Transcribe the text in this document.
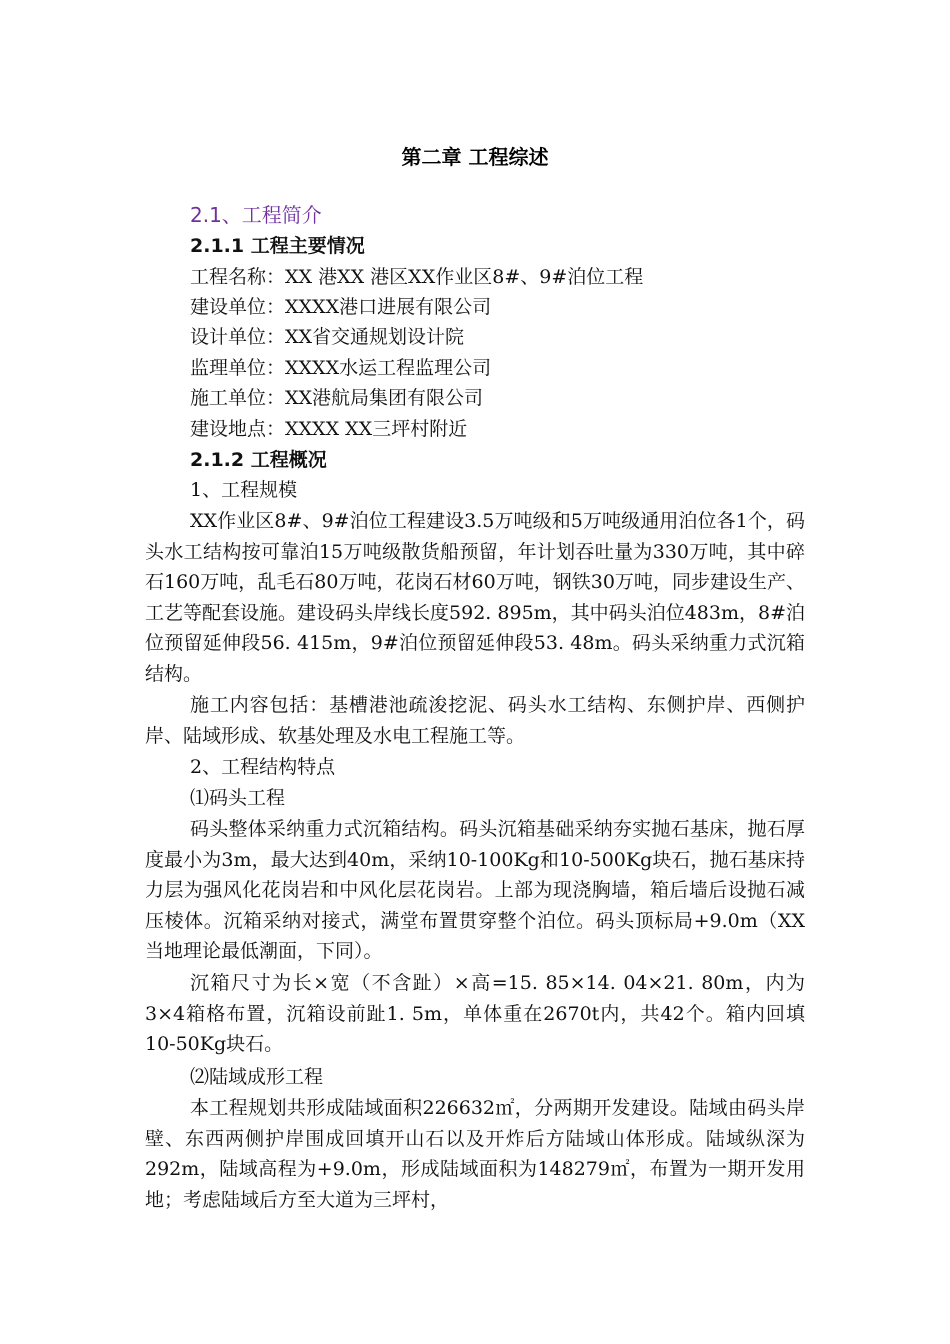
第二章 工程综述
2.1、工程简介
2.1.1 工程主要情况
工程名称：XX 港XX 港区XX作业区8#、9#泊位工程
建设单位：XXXX港口进展有限公司
设计单位：XX省交通规划设计院
监理单位：XXXX水运工程监理公司
施工单位：XX港航局集团有限公司
建设地点：XXXX XX三坪村附近
2.1.2 工程概况
1、工程规模

XX作业区8#、9#泊位工程建设3.5万吨级和5万吨级通用泊位各1个，码头水工结构按可靠泊15万吨级散货船预留，年计划吞吐量为330万吨，其中碎石160万吨，乱毛石80万吨，花岗石材60万吨，钢铁30万吨，同步建设生产、工艺等配套设施。建设码头岸线长度592. 895m，其中码头泊位483m，8#泊位预留延伸段56. 415m，9#泊位预留延伸段53. 48m。码头采纳重力式沉箱结构。

施工内容包括：基槽港池疏浚挖泥、码头水工结构、东侧护岸、西侧护岸、陆域形成、软基处理及水电工程施工等。

2、工程结构特点
⑴码头工程

码头整体采纳重力式沉箱结构。码头沉箱基础采纳夯实抛石基床，抛石厚度最小为3m，最大达到40m，采纳10-100Kg和10-500Kg块石，抛石基床持力层为强风化花岗岩和中风化层花岗岩。上部为现浇胸墙，箱后墙后设抛石减压棱体。沉箱采纳对接式，满堂布置贯穿整个泊位。码头顶标局+9.0m（XX当地理论最低潮面，下同）。

沉箱尺寸为长×宽（不含趾）×高=15. 85×14. 04×21. 80m，内为3×4箱格布置，沉箱设前趾1. 5m，单体重在2670t内，共42个。箱内回填10-50Kg块石。

⑵陆域成形工程

本工程规划共形成陆域面积226632㎡，分两期开发建设。陆域由码头岸壁、东西两侧护岸围成回填开山石以及开炸后方陆域山体形成。陆域纵深为292m，陆域高程为+9.0m，形成陆域面积为148279㎡，布置为一期开发用地；考虑陆域后方至大道为三坪村，
